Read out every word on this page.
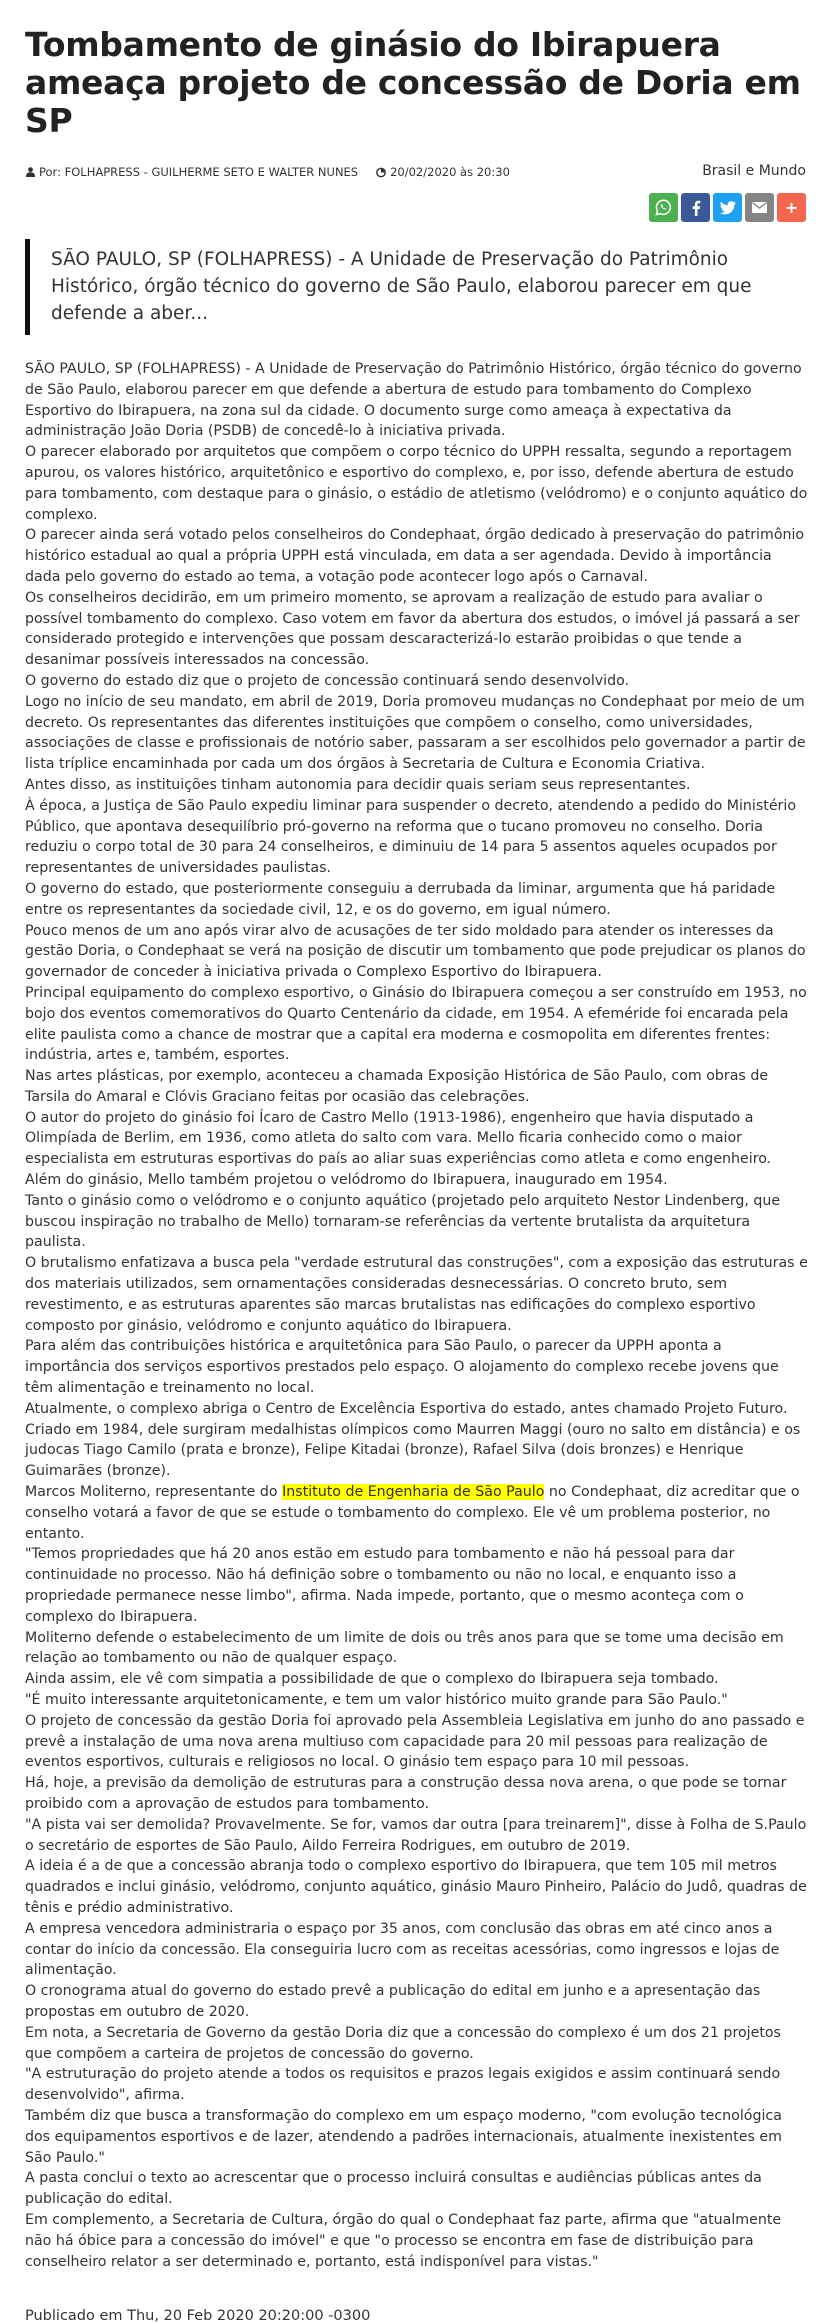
Tombamento de ginásio do Ibirapuera ameaça projeto de concessão de Doria em SP
Por: FOLHAPRESS - GUILHERME SETO E WALTER NUNES	20/02/2020 às 20:30	Brasil e Mundo
+
SÃO PAULO, SP (FOLHAPRESS) - A Unidade de Preservação do Patrimônio Histórico, órgão técnico do governo de São Paulo, elaborou parecer em que defende a aber...

SÃO PAULO, SP (FOLHAPRESS) - A Unidade de Preservação do Patrimônio Histórico, órgão técnico do governo de São Paulo, elaborou parecer em que defende a abertura de estudo para tombamento do Complexo Esportivo do Ibirapuera, na zona sul da cidade. O documento surge como ameaça à expectativa da administração João Doria (PSDB) de concedê-lo à iniciativa privada.

O parecer elaborado por arquitetos que compõem o corpo técnico do UPPH ressalta, segundo a reportagem apurou, os valores histórico, arquitetônico e esportivo do complexo, e, por isso, defende abertura de estudo para tombamento, com destaque para o ginásio, o estádio de atletismo (velódromo) e o conjunto aquático do complexo.

O parecer ainda será votado pelos conselheiros do Condephaat, órgão dedicado à preservação do patrimônio histórico estadual ao qual a própria UPPH está vinculada, em data a ser agendada. Devido à importância dada pelo governo do estado ao tema, a votação pode acontecer logo após o Carnaval.

Os conselheiros decidirão, em um primeiro momento, se aprovam a realização de estudo para avaliar o possível tombamento do complexo. Caso votem em favor da abertura dos estudos, o imóvel já passará a ser considerado protegido e intervenções que possam descaracterizá-lo estarão proibidas o que tende a desanimar possíveis interessados na concessão.

O governo do estado diz que o projeto de concessão continuará sendo desenvolvido.

Logo no início de seu mandato, em abril de 2019, Doria promoveu mudanças no Condephaat por meio de um decreto. Os representantes das diferentes instituições que compõem o conselho, como universidades, associações de classe e profissionais de notório saber, passaram a ser escolhidos pelo governador a partir de lista tríplice encaminhada por cada um dos órgãos à Secretaria de Cultura e Economia Criativa.

Antes disso, as instituições tinham autonomia para decidir quais seriam seus representantes.

À época, a Justiça de São Paulo expediu liminar para suspender o decreto, atendendo a pedido do Ministério Público, que apontava desequilíbrio pró-governo na reforma que o tucano promoveu no conselho. Doria reduziu o corpo total de 30 para 24 conselheiros, e diminuiu de 14 para 5 assentos aqueles ocupados por representantes de universidades paulistas.

O governo do estado, que posteriormente conseguiu a derrubada da liminar, argumenta que há paridade entre os representantes da sociedade civil, 12, e os do governo, em igual número.

Pouco menos de um ano após virar alvo de acusações de ter sido moldado para atender os interesses da gestão Doria, o Condephaat se verá na posição de discutir um tombamento que pode prejudicar os planos do governador de conceder à iniciativa privada o Complexo Esportivo do Ibirapuera.

Principal equipamento do complexo esportivo, o Ginásio do Ibirapuera começou a ser construído em 1953, no bojo dos eventos comemorativos do Quarto Centenário da cidade, em 1954. A efeméride foi encarada pela elite paulista como a chance de mostrar que a capital era moderna e cosmopolita em diferentes frentes: indústria, artes e, também, esportes.

Nas artes plásticas, por exemplo, aconteceu a chamada Exposição Histórica de São Paulo, com obras de Tarsila do Amaral e Clóvis Graciano feitas por ocasião das celebrações.

O autor do projeto do ginásio foi Ícaro de Castro Mello (1913-1986), engenheiro que havia disputado a Olimpíada de Berlim, em 1936, como atleta do salto com vara. Mello ficaria conhecido como o maior especialista em estruturas esportivas do país ao aliar suas experiências como atleta e como engenheiro. Além do ginásio, Mello também projetou o velódromo do Ibirapuera, inaugurado em 1954.

Tanto o ginásio como o velódromo e o conjunto aquático (projetado pelo arquiteto Nestor Lindenberg, que buscou inspiração no trabalho de Mello) tornaram-se referências da vertente brutalista da arquitetura paulista.

O brutalismo enfatizava a busca pela "verdade estrutural das construções", com a exposição das estruturas e dos materiais utilizados, sem ornamentações consideradas desnecessárias. O concreto bruto, sem revestimento, e as estruturas aparentes são marcas brutalistas nas edificações do complexo esportivo composto por ginásio, velódromo e conjunto aquático do Ibirapuera.

Para além das contribuições histórica e arquitetônica para São Paulo, o parecer da UPPH aponta a importância dos serviços esportivos prestados pelo espaço. O alojamento do complexo recebe jovens que têm alimentação e treinamento no local.

Atualmente, o complexo abriga o Centro de Excelência Esportiva do estado, antes chamado Projeto Futuro. Criado em 1984, dele surgiram medalhistas olímpicos como Maurren Maggi (ouro no salto em distância) e os judocas Tiago Camilo (prata e bronze), Felipe Kitadai (bronze), Rafael Silva (dois bronzes) e Henrique Guimarães (bronze).

Marcos Moliterno, representante do Instituto de Engenharia de São Paulo no Condephaat, diz acreditar que o conselho votará a favor de que se estude o tombamento do complexo. Ele vê um problema posterior, no entanto.

"Temos propriedades que há 20 anos estão em estudo para tombamento e não há pessoal para dar continuidade no processo. Não há definição sobre o tombamento ou não no local, e enquanto isso a propriedade permanece nesse limbo", afirma. Nada impede, portanto, que o mesmo aconteça com o complexo do Ibirapuera.

Moliterno defende o estabelecimento de um limite de dois ou três anos para que se tome uma decisão em relação ao tombamento ou não de qualquer espaço.

Ainda assim, ele vê com simpatia a possibilidade de que o complexo do Ibirapuera seja tombado.

"É muito interessante arquitetonicamente, e tem um valor histórico muito grande para São Paulo."

O projeto de concessão da gestão Doria foi aprovado pela Assembleia Legislativa em junho do ano passado e prevê a instalação de uma nova arena multiuso com capacidade para 20 mil pessoas para realização de eventos esportivos, culturais e religiosos no local. O ginásio tem espaço para 10 mil pessoas.

Há, hoje, a previsão da demolição de estruturas para a construção dessa nova arena, o que pode se tornar proibido com a aprovação de estudos para tombamento.

"A pista vai ser demolida? Provavelmente. Se for, vamos dar outra [para treinarem]", disse à Folha de S.Paulo o secretário de esportes de São Paulo, Aildo Ferreira Rodrigues, em outubro de 2019.

A ideia é a de que a concessão abranja todo o complexo esportivo do Ibirapuera, que tem 105 mil metros quadrados e inclui ginásio, velódromo, conjunto aquático, ginásio Mauro Pinheiro, Palácio do Judô, quadras de tênis e prédio administrativo.

A empresa vencedora administraria o espaço por 35 anos, com conclusão das obras em até cinco anos a contar do início da concessão. Ela conseguiria lucro com as receitas acessórias, como ingressos e lojas de alimentação.

O cronograma atual do governo do estado prevê a publicação do edital em junho e a apresentação das propostas em outubro de 2020.

Em nota, a Secretaria de Governo da gestão Doria diz que a concessão do complexo é um dos 21 projetos que compõem a carteira de projetos de concessão do governo.

"A estruturação do projeto atende a todos os requisitos e prazos legais exigidos e assim continuará sendo desenvolvido", afirma.

Também diz que busca a transformação do complexo em um espaço moderno, "com evolução tecnológica dos equipamentos esportivos e de lazer, atendendo a padrões internacionais, atualmente inexistentes em São Paulo."

A pasta conclui o texto ao acrescentar que o processo incluirá consultas e audiências públicas antes da publicação do edital.

Em complemento, a Secretaria de Cultura, órgão do qual o Condephaat faz parte, afirma que "atualmente não há óbice para a concessão do imóvel" e que "o processo se encontra em fase de distribuição para conselheiro relator a ser determinado e, portanto, está indisponível para vistas."

Publicado em Thu, 20 Feb 2020 20:20:00 -0300
